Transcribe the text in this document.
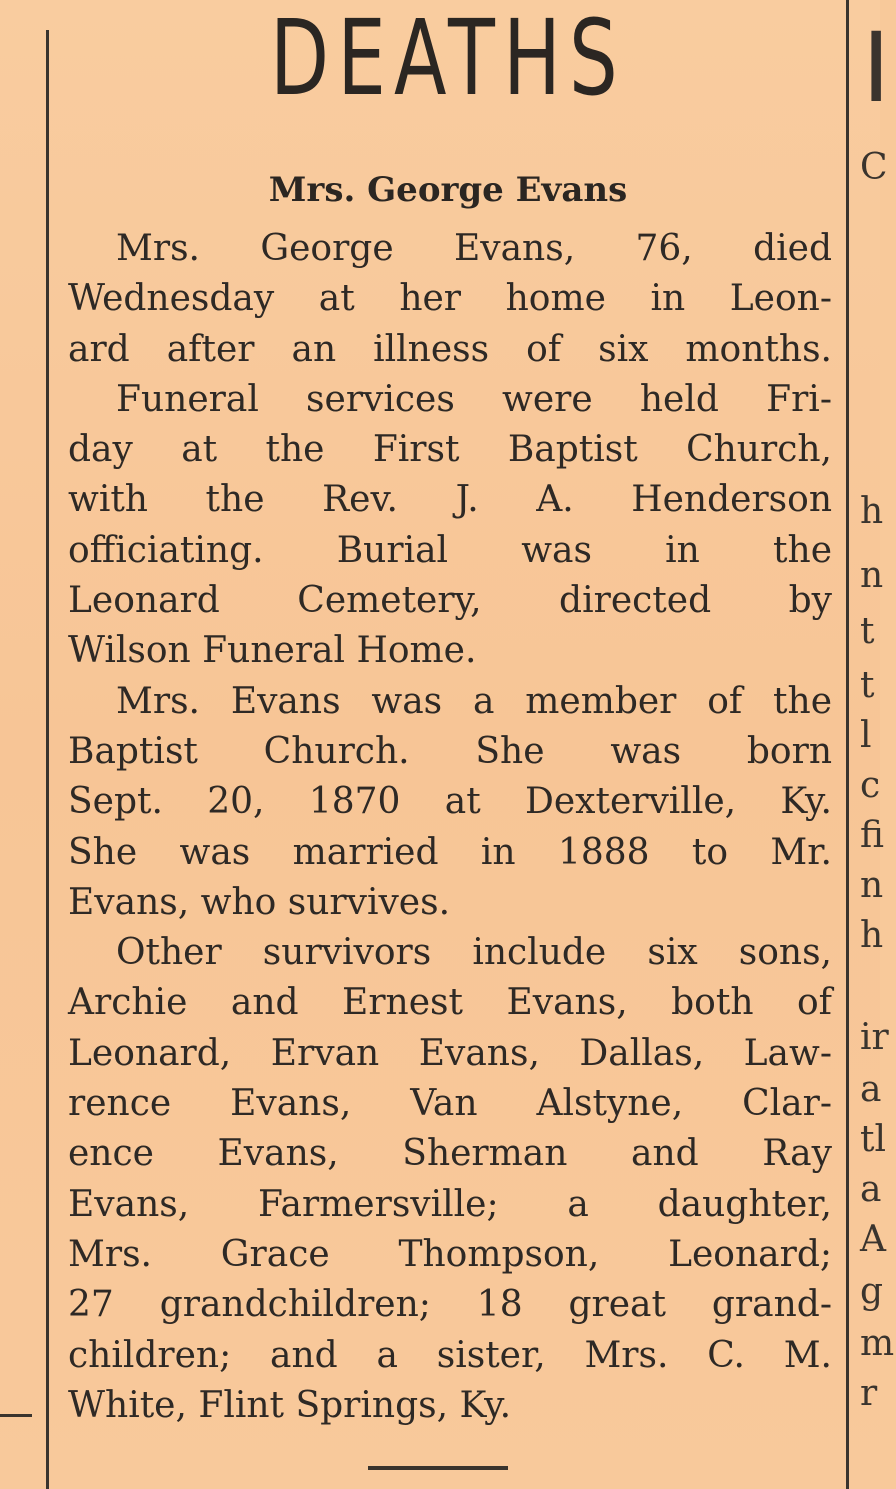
DEATHS
Mrs. George Evans
Mrs. George Evans, 76, died
Wednesday at her home in Leon-
ard after an illness of six months.
Funeral services were held Fri-
day at the First Baptist Church,
with the Rev. J. A. Henderson
officiating. Burial was in the
Leonard Cemetery, directed by
Wilson Funeral Home.
Mrs. Evans was a member of the
Baptist Church. She was born
Sept. 20, 1870 at Dexterville, Ky.
She was married in 1888 to Mr.
Evans, who survives.
Other survivors include six sons,
Archie and Ernest Evans, both of
Leonard, Ervan Evans, Dallas, Law-
rence Evans, Van Alstyne, Clar-
ence Evans, Sherman and Ray
Evans, Farmersville; a daughter,
Mrs. Grace Thompson, Leonard;
27 grandchildren; 18 great grand-
children; and a sister, Mrs. C. M.
White, Flint Springs, Ky.
I
C
h
n
t
t
l
c
fi
n
h
ir
a
tl
a
A
g
m
r
